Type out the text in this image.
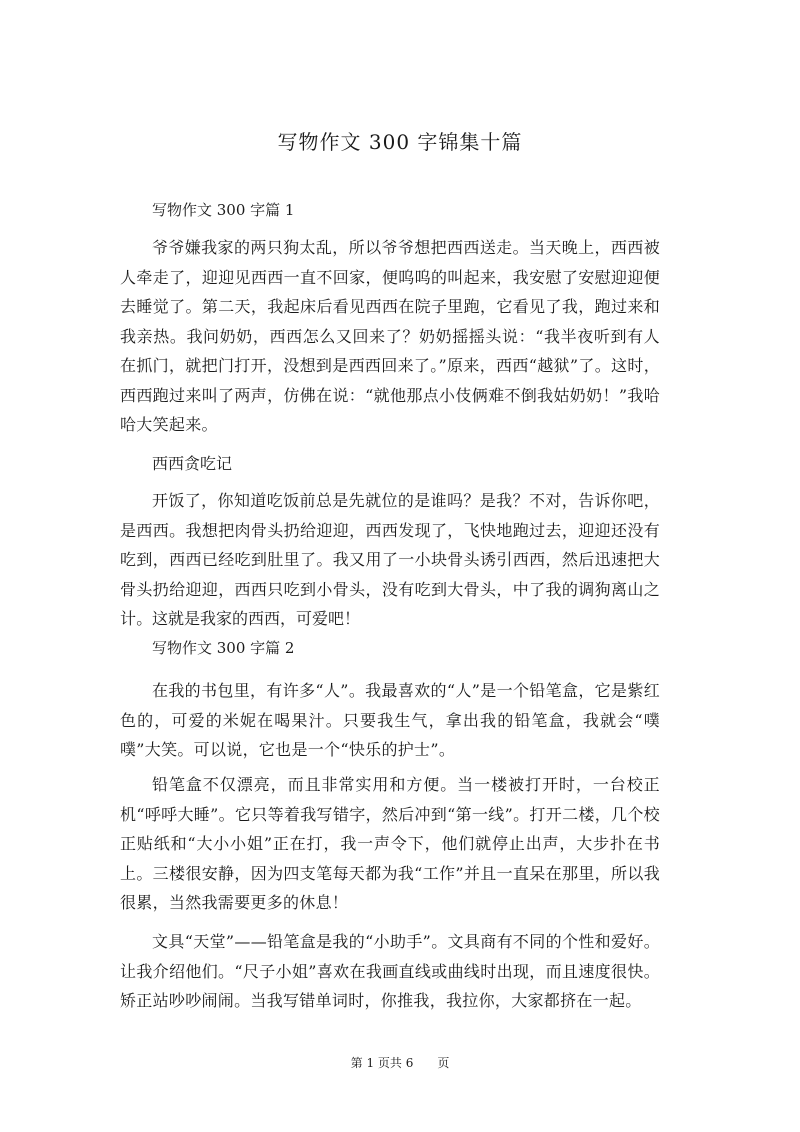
写物作文 300 字锦集十篇
写物作文 300 字篇 1
爷爷嫌我家的两只狗太乱，所以爷爷想把西西送走。当天晚上，西西被人牵走了，迎迎见西西一直不回家，便呜呜的叫起来，我安慰了安慰迎迎便去睡觉了。第二天，我起床后看见西西在院子里跑，它看见了我，跑过来和我亲热。我问奶奶，西西怎么又回来了？奶奶摇摇头说：“我半夜听到有人在抓门，就把门打开，没想到是西西回来了。”原来，西西“越狱”了。这时，西西跑过来叫了两声，仿佛在说：“就他那点小伎俩难不倒我姑奶奶！”我哈哈大笑起来。
西西贪吃记
开饭了，你知道吃饭前总是先就位的是谁吗？是我？不对，告诉你吧，是西西。我想把肉骨头扔给迎迎，西西发现了，飞快地跑过去，迎迎还没有吃到，西西已经吃到肚里了。我又用了一小块骨头诱引西西，然后迅速把大骨头扔给迎迎，西西只吃到小骨头，没有吃到大骨头，中了我的调狗离山之计。 这就是我家的西西，可爱吧！
写物作文 300 字篇 2
在我的书包里，有许多“人”。我最喜欢的“人”是一个铅笔盒，它是紫红色的，可爱的米妮在喝果汁。只要我生气，拿出我的铅笔盒，我就会“噗噗”大笑。可以说，它也是一个“快乐的护士”。
铅笔盒不仅漂亮，而且非常实用和方便。当一楼被打开时，一台校正机“呼呼大睡”。它只等着我写错字，然后冲到“第一线”。打开二楼，几个校正贴纸和“大小小姐”正在打，我一声令下，他们就停止出声，大步扑在书上。三楼很安静，因为四支笔每天都为我“工作”并且一直呆在那里，所以我很累，当然我需要更多的休息！
文具“天堂”——铅笔盒是我的“小助手”。文具商有不同的个性和爱好。让我介绍他们。“尺子小姐”喜欢在我画直线或曲线时出现，而且速度很快。矫正站吵吵闹闹。当我写错单词时，你推我，我拉你，大家都挤在一起。
第 1 页共 6　　页
